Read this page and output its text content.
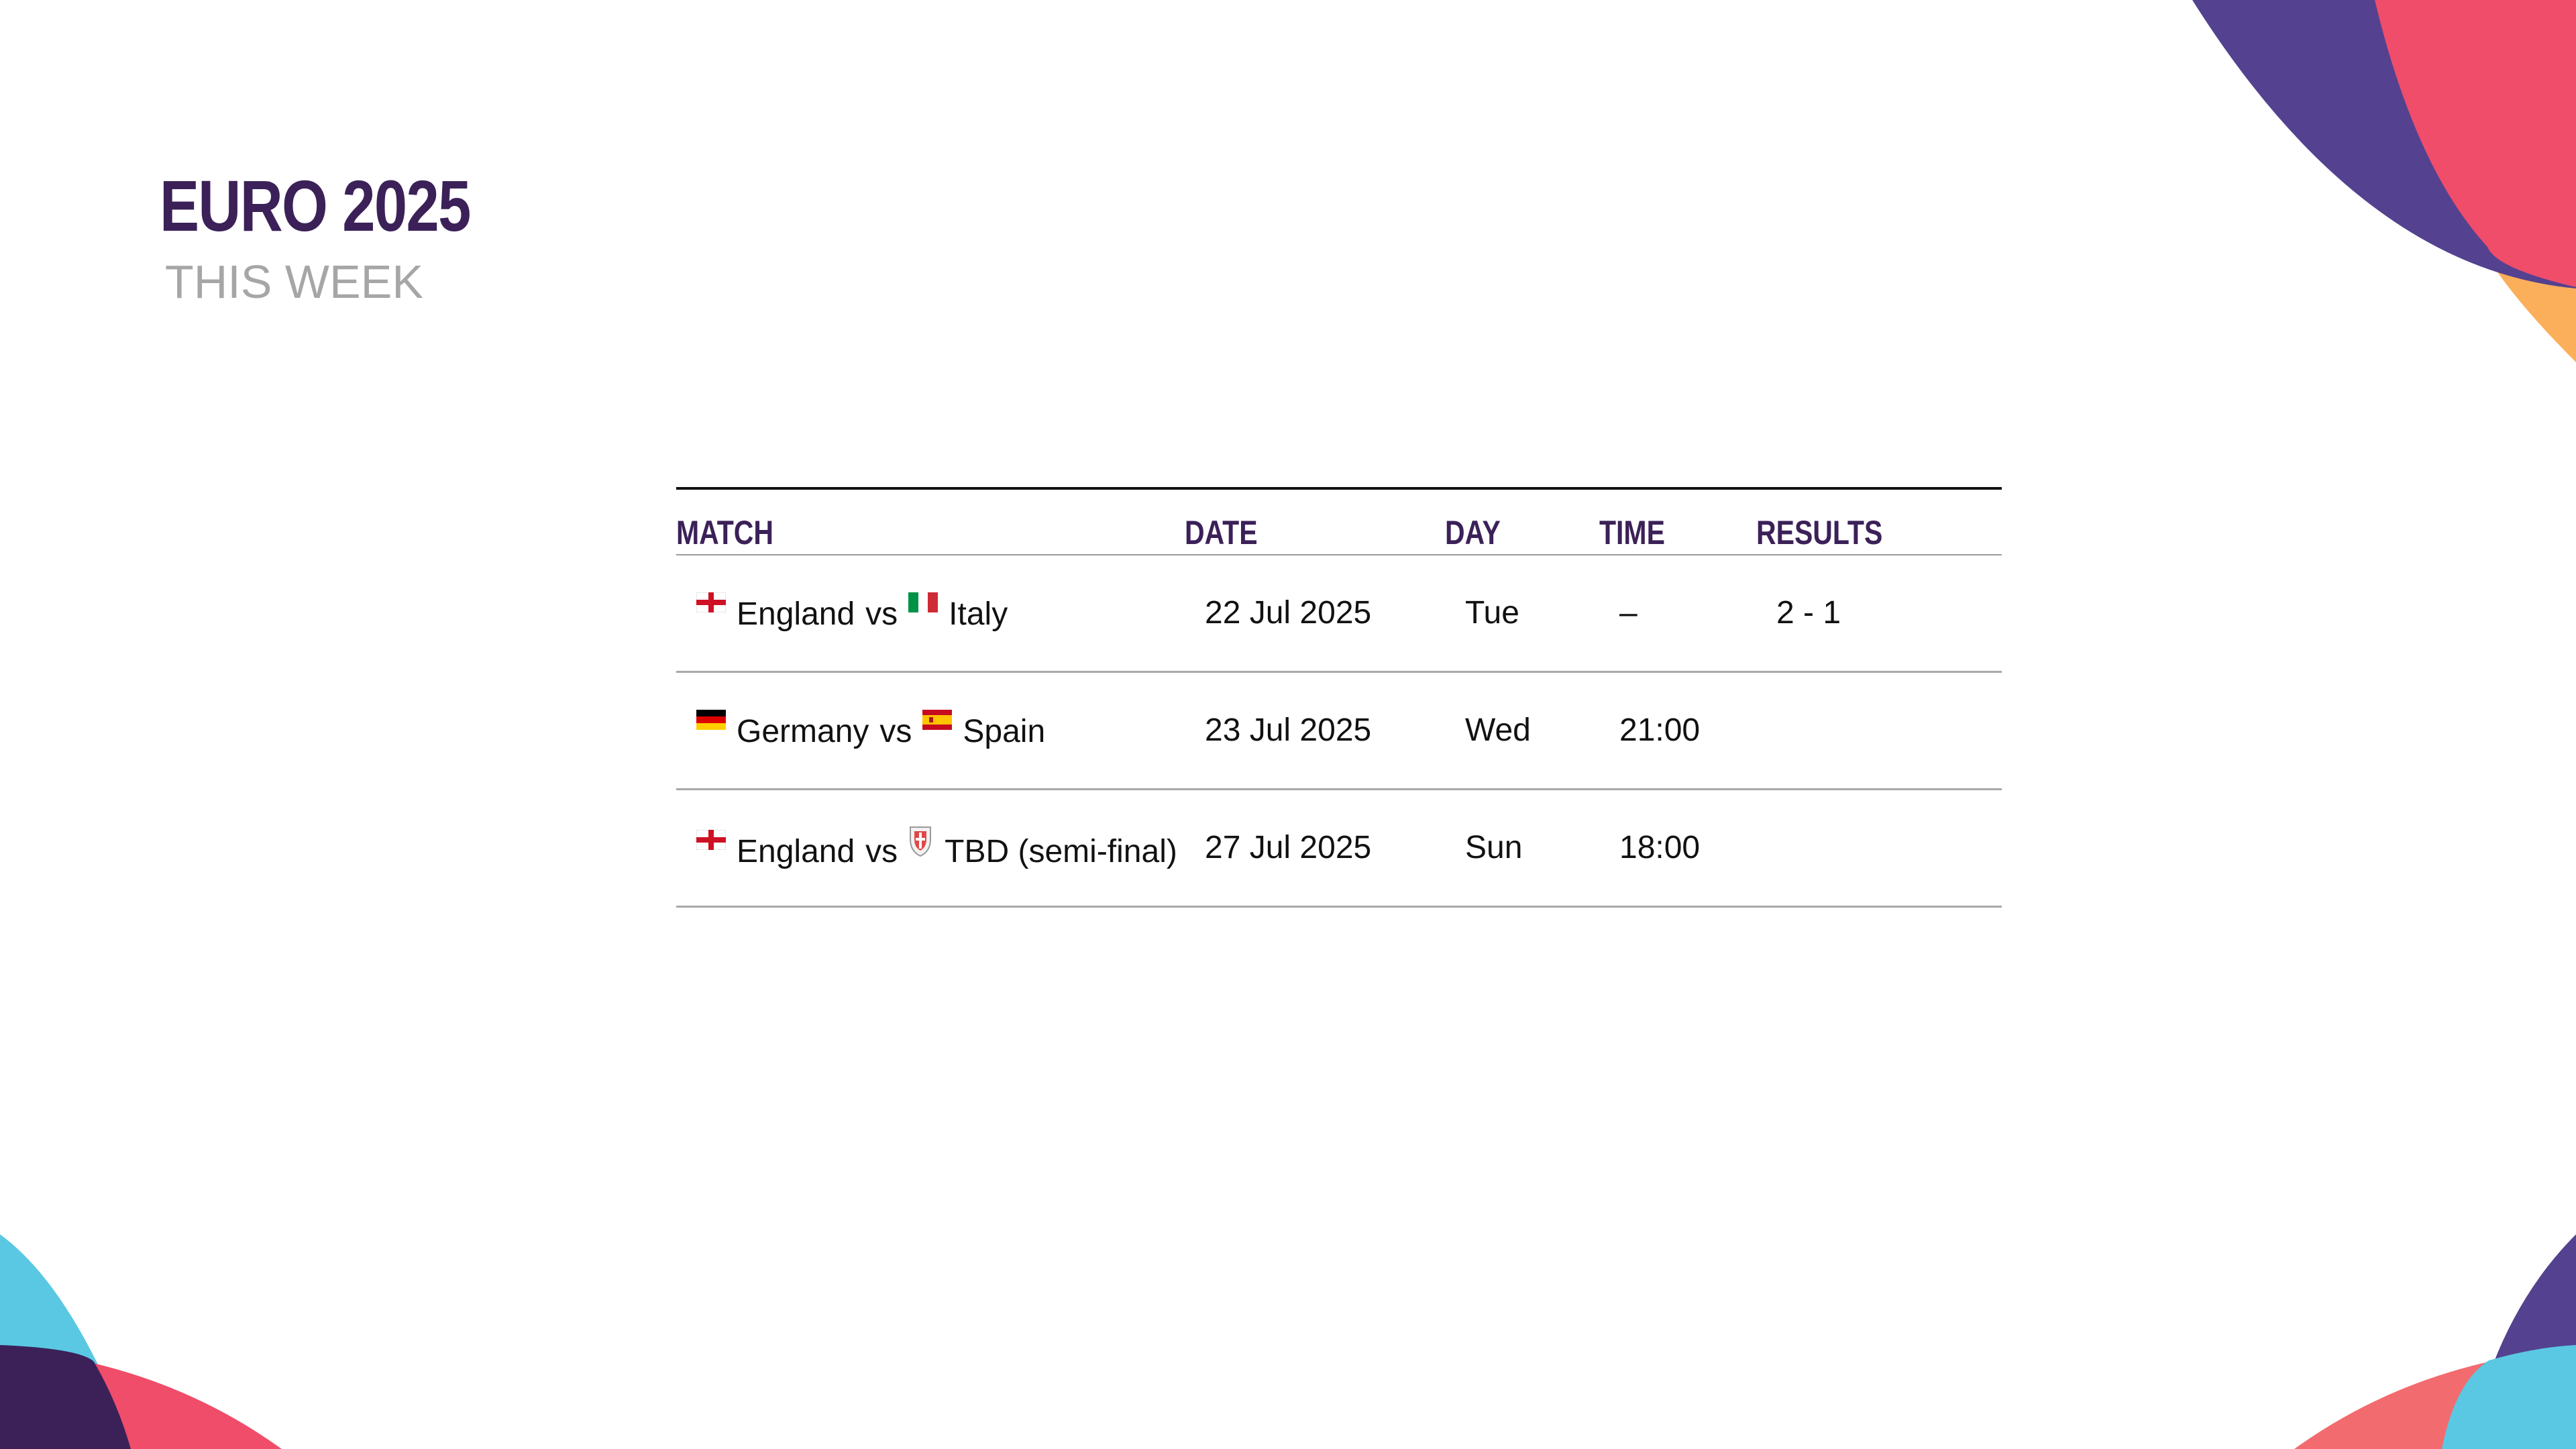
EURO 2025
THIS WEEK
MATCH	DATE	DAY	TIME	RESULTS

England vs Italy	22 Jul 2025	Tue	–	2 - 1

Germany vs Spain	23 Jul 2025	Wed	21:00	

England vs TBD (semi-final)	27 Jul 2025	Sun	18:00	
